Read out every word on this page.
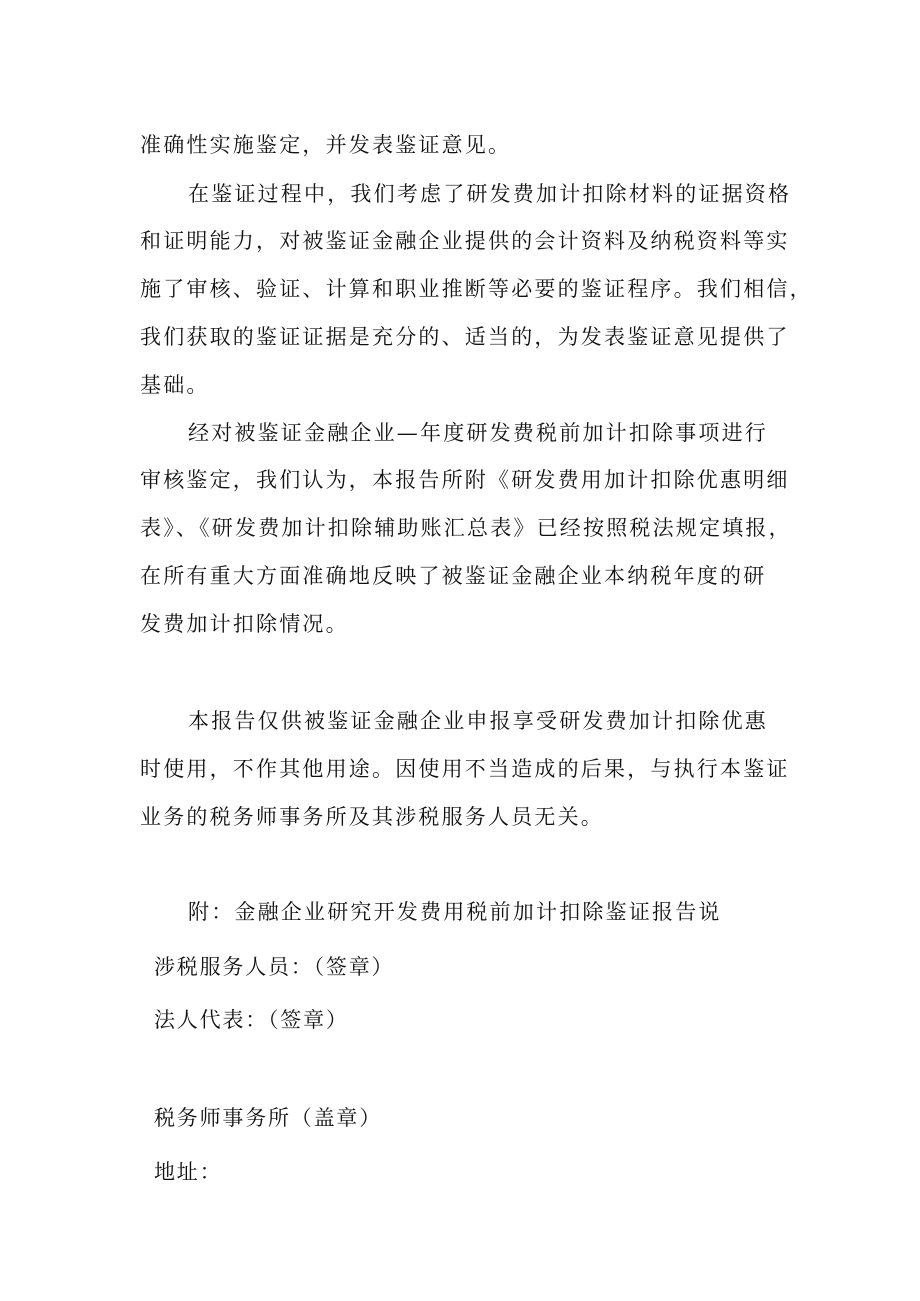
准确性实施鉴定，并发表鉴证意见。
在鉴证过程中，我们考虑了研发费加计扣除材料的证据资格
和证明能力，对被鉴证金融企业提供的会计资料及纳税资料等实
施了审核、验证、计算和职业推断等必要的鉴证程序。我们相信，
我们获取的鉴证证据是充分的、适当的，为发表鉴证意见提供了
基础。
经对被鉴证金融企业—年度研发费税前加计扣除事项进行
审核鉴定，我们认为，本报告所附《研发费用加计扣除优惠明细
表》、《研发费加计扣除辅助账汇总表》已经按照税法规定填报，
在所有重大方面准确地反映了被鉴证金融企业本纳税年度的研
发费加计扣除情况。
本报告仅供被鉴证金融企业申报享受研发费加计扣除优惠
时使用，不作其他用途。因使用不当造成的后果，与执行本鉴证
业务的税务师事务所及其涉税服务人员无关。
附：金融企业研究开发费用税前加计扣除鉴证报告说
涉税服务人员：（签章）
法人代表：（签章）
税务师事务所（盖章）
地址：
